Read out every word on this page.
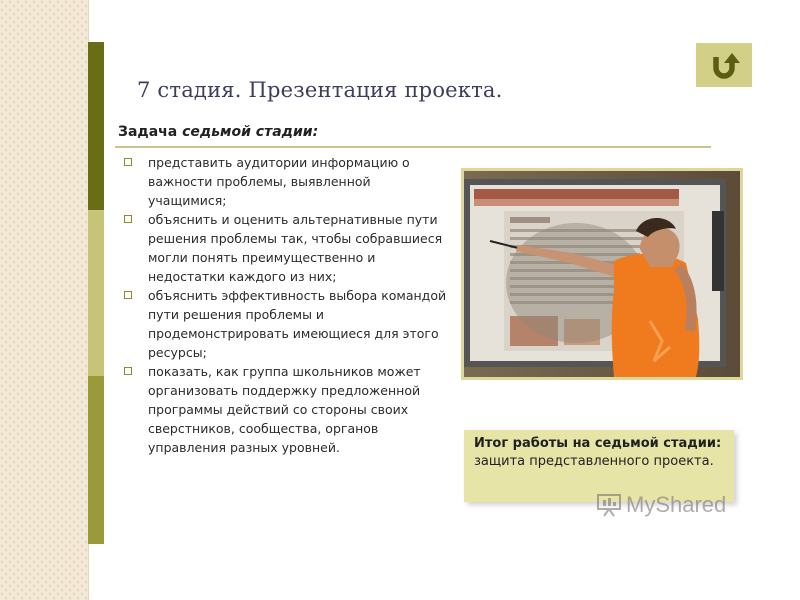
7 стадия. Презентация проекта.
Задача седьмой стадии:
представить аудитории информацию о важности проблемы, выявленной учащимися;
объяснить и оценить альтернативные пути решения проблемы так, чтобы собравшиеся могли понять преимущественно и недостатки каждого из них;
объяснить эффективность выбора командой пути решения проблемы и продемонстрировать имеющиеся для этого ресурсы;
показать, как группа школьников может организовать поддержку предложенной программы действий со стороны своих сверстников, сообщества, органов управления разных уровней.	Итог работы на седьмой стадии:
защита представленного проекта.
MyShared
